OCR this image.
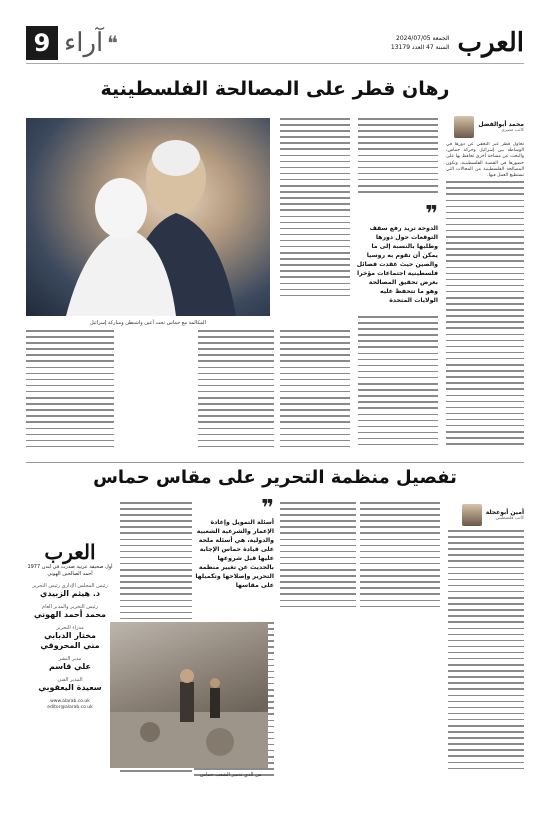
العرب
الجمعة 2024/07/05
السنة 47 العدد 13179
❝
آراء
9
رهان قطر على المصالحة الفلسطينية
محمد أبوالفضل
كاتب مصري

تحاول قطر عبر التخفي عن دورها في الوساطة بين إسرائيل وحركة حماس، والبحث عن مساحة أخرى تحافظ بها على حضورها في القضية الفلسطينية، وتكون المصالحة الفلسطينية من المجالات التي تستطيع العمل فيها.

❞
الدوحة تريد رفع سقف التوقعات حول دورها وطلبها بالنسبة إلى ما يمكن أن تقوم به روسيا والصين حيث عقدت فصائل فلسطينية اجتماعات مؤخرا بغرض تحقيق المصالحة وهو ما تتحفظ عليه الولايات المتحدة
المكالمة مع حماس تحت أعين واشنطن ومباركة إسرائيل
تفصيل منظمة التحرير على مقاس حماس
أمين أبوعجلة
كاتب فلسطيني
❞
أسئلة التمويل وإعادة الإعمار والشرعية الشعبية والدولية، هي أسئلة ملحة على قيادة حماس الإجابة عليها قبل شروعها بالحديث عن تغيير منظمة التحرير وإصلاحها وتكميلها على مقاسها
من الذي تدمير الشعب حماس
العرب
أول صحيفة عربية صدرت في لندن 1977
أحمد الصالحين الهوني
رئيس المجلس الإداري رئيس التحرير
د. هيثم الزبيدي
رئيس التحرير والمدير العام
محمد أحمد الهوني
مدراء التحرير
مختار الدبابي
مني المحروقي
مدير النشر
علي قاسم
المدير الفني
سعيدة اليعقوبي
www.alarab.co.uk
editor@alarab.co.uk
